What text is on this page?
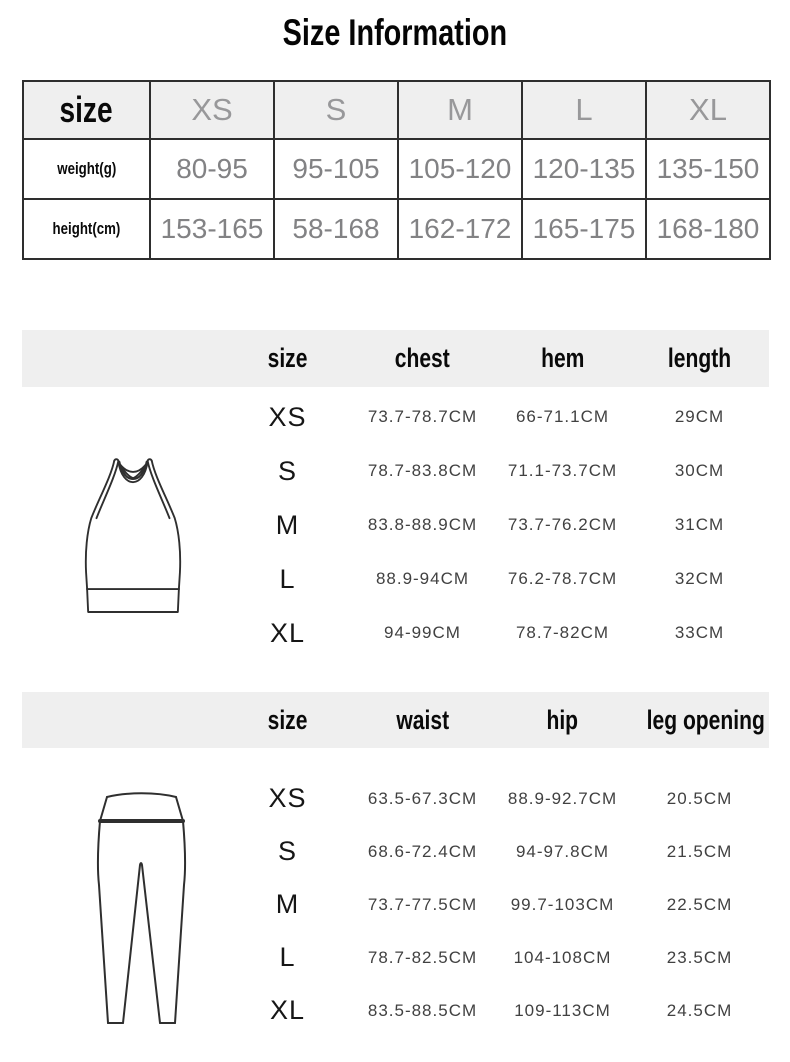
Size Information
size	XS	S	M	L	XL
weight(g)	80-95	95-105	105-120	120-135	135-150
height(cm)	153-165	58-168	162-172	165-175	168-180
size	chest	hem	length
XS	73.7-78.7CM	66-71.1CM	29CM
S	78.7-83.8CM	71.1-73.7CM	30CM
M	83.8-88.9CM	73.7-76.2CM	31CM
L	88.9-94CM	76.2-78.7CM	32CM
XL	94-99CM	78.7-82CM	33CM
size	waist	hip	leg opening
XS	63.5-67.3CM	88.9-92.7CM	20.5CM
S	68.6-72.4CM	94-97.8CM	21.5CM
M	73.7-77.5CM	99.7-103CM	22.5CM
L	78.7-82.5CM	104-108CM	23.5CM
XL	83.5-88.5CM	109-113CM	24.5CM
